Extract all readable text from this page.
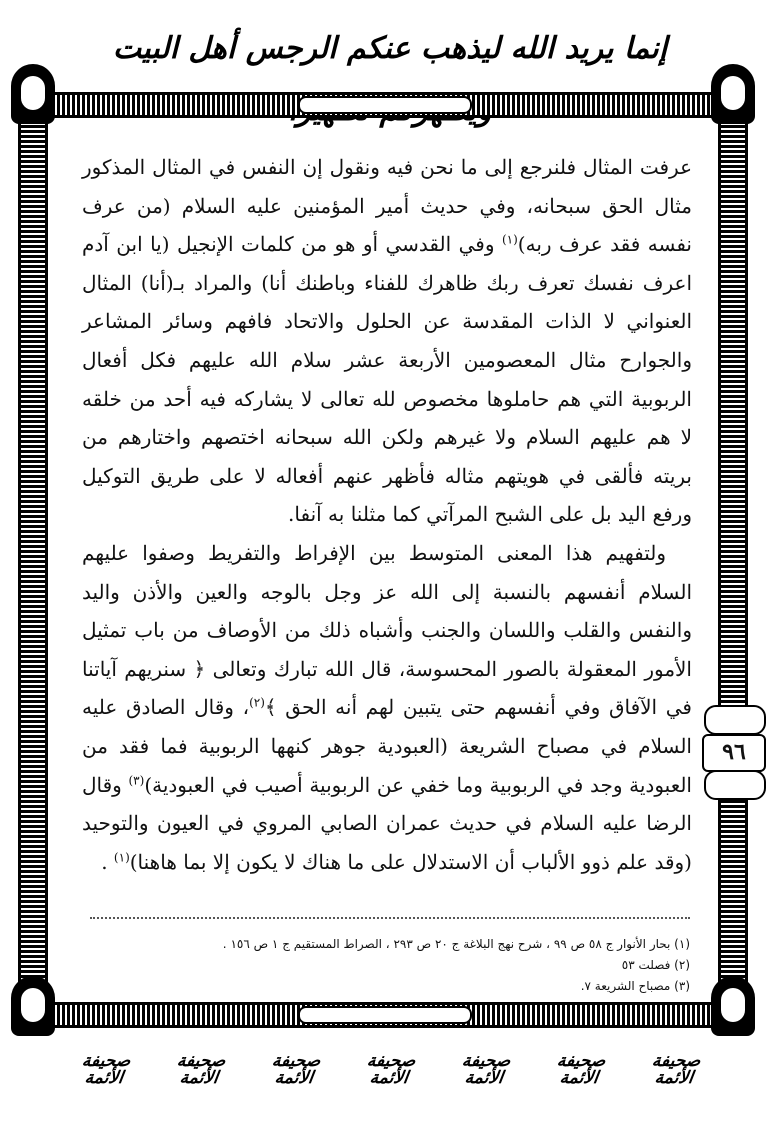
إنما يريد الله ليذهب عنكم الرجس أهل البيت
٩٦

عرفت المثال فلنرجع إلى ما نحن فيه ونقول إن النفس في المثال المذكور مثال الحق سبحانه، وفي حديث أمير المؤمنين عليه السلام (من عرف نفسه فقد عرف ربه)$^{(١)}$ وفي القدسي أو هو من كلمات الإنجيل (يا ابن آدم اعرف نفسك تعرف ربك ظاهرك للفناء وباطنك أنا) والمراد بـ(أنا) المثال العنواني لا الذات المقدسة عن الحلول والاتحاد فافهم وسائر المشاعر والجوارح مثال المعصومين الأربعة عشر سلام الله عليهم فكل أفعال الربوبية التي هم حاملوها مخصوص لله تعالى لا يشاركه فيه أحد من خلقه لا هم عليهم السلام ولا غيرهم ولكن الله سبحانه اختصهم واختارهم من بريته فألقى في هويتهم مثاله فأظهر عنهم أفعاله لا على طريق التوكيل ورفع اليد بل على الشبح المرآتي كما مثلنا به آنفا.

ولتفهيم هذا المعنى المتوسط بين الإفراط والتفريط وصفوا عليهم السلام أنفسهم بالنسبة إلى الله عز وجل بالوجه والعين والأذن واليد والنفس والقلب واللسان والجنب وأشباه ذلك من الأوصاف من باب تمثيل الأمور المعقولة بالصور المحسوسة، قال الله تبارك وتعالى ﴿ سنريهم آياتنا في الآفاق وفي أنفسهم حتى يتبين لهم أنه الحق ﴾$^{(٢)}$، وقال الصادق عليه السلام في مصباح الشريعة (العبودية جوهر كنهها الربوبية فما فقد من العبودية وجد في الربوبية وما خفي عن الربوبية أصيب في العبودية)$^{(٣)}$ وقال الرضا عليه السلام في حديث عمران الصابي المروي في العيون والتوحيد (وقد علم ذوو الألباب أن الاستدلال على ما هناك لا يكون إلا بما هاهنا)$^{(١)}$ .

(١) بحار الأنوار ج ٥٨ ص ٩٩ ، شرح نهج البلاغة ج ٢٠ ص ٢٩٣ ، الصراط المستقيم ج ١ ص ١٥٦ .

(٢) فصلت ٥٣

(٣) مصباح الشريعة ٧.

صحيفة الأئمة
صحيفة الأئمة
صحيفة الأئمة
صحيفة الأئمة
صحيفة الأئمة
صحيفة الأئمة
صحيفة الأئمة
